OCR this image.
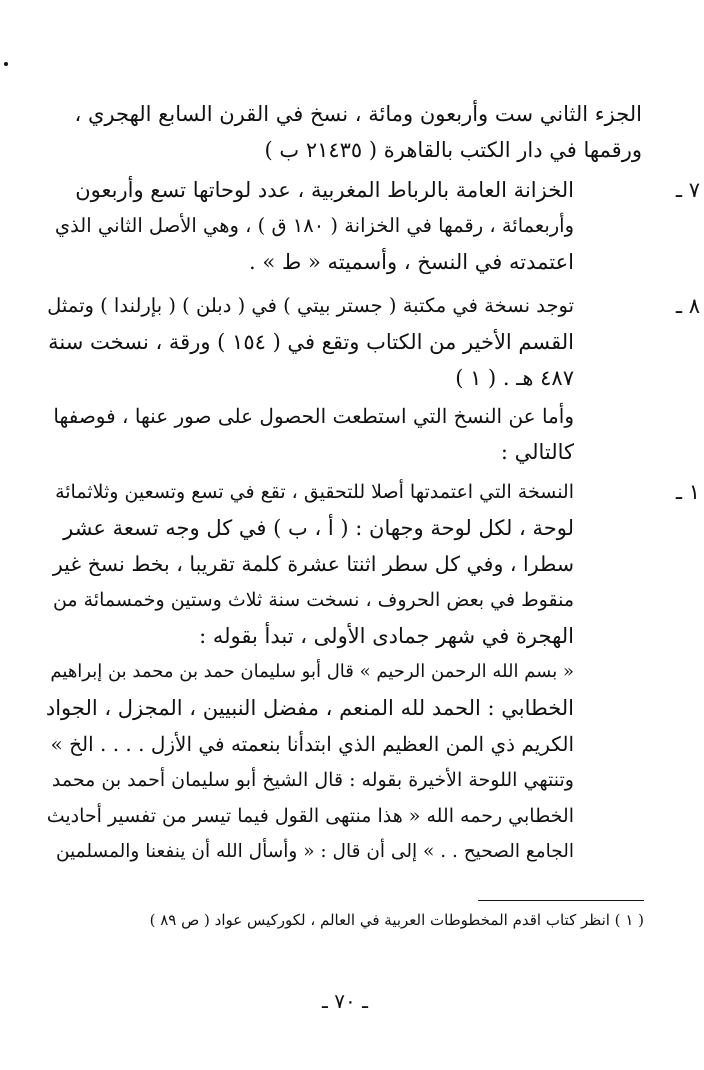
الجزء الثاني ست وأربعون ومائة ، نسخ في القرن السابع الهجري ،
ورقمها في دار الكتب بالقاهرة ( ٢١٤٣٥ ب )
٧ ـ
الخزانة العامة بالرباط المغربية ، عدد لوحاتها تسع وأربعون
وأربعمائة ، رقمها في الخزانة ( ١٨٠ ق ) ، وهي الأصل الثاني الذي
اعتمدته في النسخ ، وأسميته « ط » .
٨ ـ
توجد نسخة في مكتبة ( جستر بيتي ) في ( دبلن ) ( بإرلندا ) وتمثل
القسم الأخير من الكتاب وتقع في ( ١٥٤ ) ورقة ، نسخت سنة
٤٨٧ هـ . ( ١ )
وأما عن النسخ التي استطعت الحصول على صور عنها ، فوصفها
كالتالي :
١ ـ
النسخة التي اعتمدتها أصلا للتحقيق ، تقع في تسع وتسعين وثلاثمائة
لوحة ، لكل لوحة وجهان : ( أ ، ب ) في كل وجه تسعة عشر
سطرا ، وفي كل سطر اثنتا عشرة كلمة تقريبا ، بخط نسخ غير
منقوط في بعض الحروف ، نسخت سنة ثلاث وستين وخمسمائة من
الهجرة في شهر جمادى الأولى ، تبدأ بقوله :
« بسم الله الرحمن الرحيم » قال أبو سليمان حمد بن محمد بن إبراهيم
الخطابي : الحمد لله المنعم ، مفضل النبيين ، المجزل ، الجواد
الكريم ذي المن العظيم الذي ابتدأنا بنعمته في الأزل . . . . الخ »
وتنتهي اللوحة الأخيرة بقوله : قال الشيخ أبو سليمان أحمد بن محمد
الخطابي رحمه الله « هذا منتهى القول فيما تيسر من تفسير أحاديث
الجامع الصحيح . . » إلى أن قال : « وأسأل الله أن ينفعنا والمسلمين
( ١ ) انظر كتاب اقدم المخطوطات العربية في العالم ، لكوركيس عواد ( ص ٨٩ )
ـ ٧٠ ـ
